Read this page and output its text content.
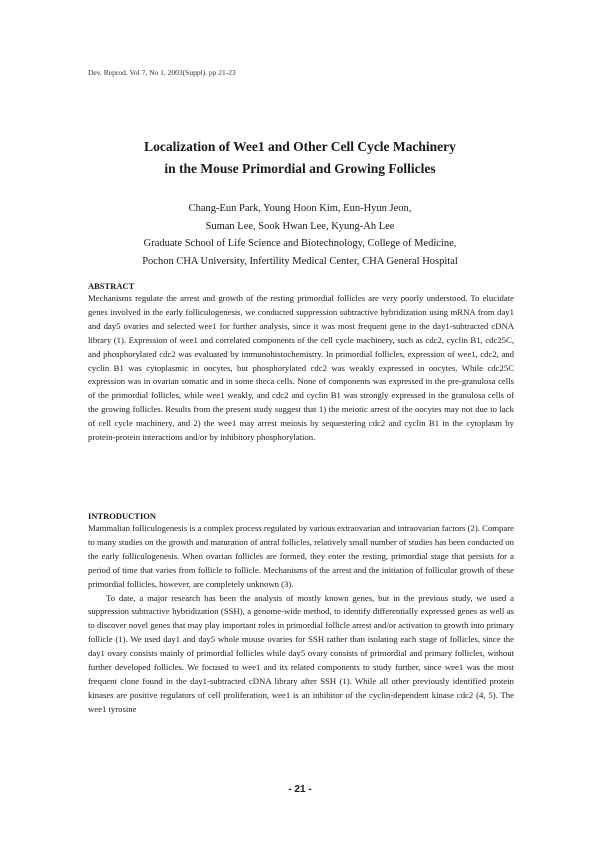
Dev. Reprod. Vol 7, No 1, 2003(Suppl). pp 21-23
Localization of Wee1 and Other Cell Cycle Machinery
in the Mouse Primordial and Growing Follicles
Chang-Eun Park, Young Hoon Kim, Eun-Hyun Jeon,
Suman Lee, Sook Hwan Lee, Kyung-Ah Lee
Graduate School of Life Science and Biotechnology, College of Medicine,
Pochon CHA University, Infertility Medical Center, CHA General Hospital
ABSTRACT

Mechanisms regulate the arrest and growth of the resting primordial follicles are very poorly understood. To elucidate genes involved in the early folliculogenesis, we conducted suppression subtractive hybridization using mRNA from day1 and day5 ovaries and selected wee1 for further analysis, since it was most frequent gene in the day1-subtracted cDNA library (1). Expression of wee1 and correlated components of the cell cycle machinery, such as cdc2, cyclin B1, cdc25C, and phosphorylated cdc2 was evaluated by immunohistochemistry. In primordial follicles, expression of wee1, cdc2, and cyclin B1 was cytoplasmic in oocytes, but phosphorylated cdc2 was weakly expressed in oocytes. While cdc25C expression was in ovarian somatic and in some theca cells. None of components was expressed in the pre-granulosa cells of the primordial follicles, while wee1 weakly, and cdc2 and cyclin B1 was strongly expressed in the granulosa cells of the growing follicles. Results from the present study suggest that 1) the meiotic arrest of the oocytes may not due to lack of cell cycle machinery, and 2) the wee1 may arrest meiosis by sequestering cdc2 and cyclin B1 in the cytoplasm by protein-protein interactions and/or by inhibitory phosphorylation.

INTRODUCTION

Mammalian folliculogenesis is a complex process regulated by various extraovarian and intraovarian factors (2). Compare to many studies on the growth and maturation of antral follicles, relatively small number of studies has been conducted on the early folliculogenesis. When ovarian follicles are formed, they enter the resting, primordial stage that persists for a period of time that varies from follicle to follicle. Mechanisms of the arrest and the initiation of follicular growth of these primordial follicles, however, are completely unknown (3).

To date, a major research has been the analysis of mostly known genes, but in the previous study, we used a suppression subtractive hybridization (SSH), a genome-wide method, to identify differentially expressed genes as well as to discover novel genes that may play important roles in primordial follicle arrest and/or activation to growth into primary follicle (1). We used day1 and day5 whole mouse ovaries for SSH rather than isolating each stage of follicles, since the day1 ovary consists mainly of primordial follicles while day5 ovary consists of primordial and primary follicles, without further developed follicles. We focused to wee1 and its related components to study further, since wee1 was the most frequent clone found in the day1-subtracted cDNA library after SSH (1). While all other previously identified protein kinases are positive regulators of cell proliferation, wee1 is an inhibitor of the cyclin-dependent kinase cdc2 (4, 5). The wee1 tyrosine

- 21 -
